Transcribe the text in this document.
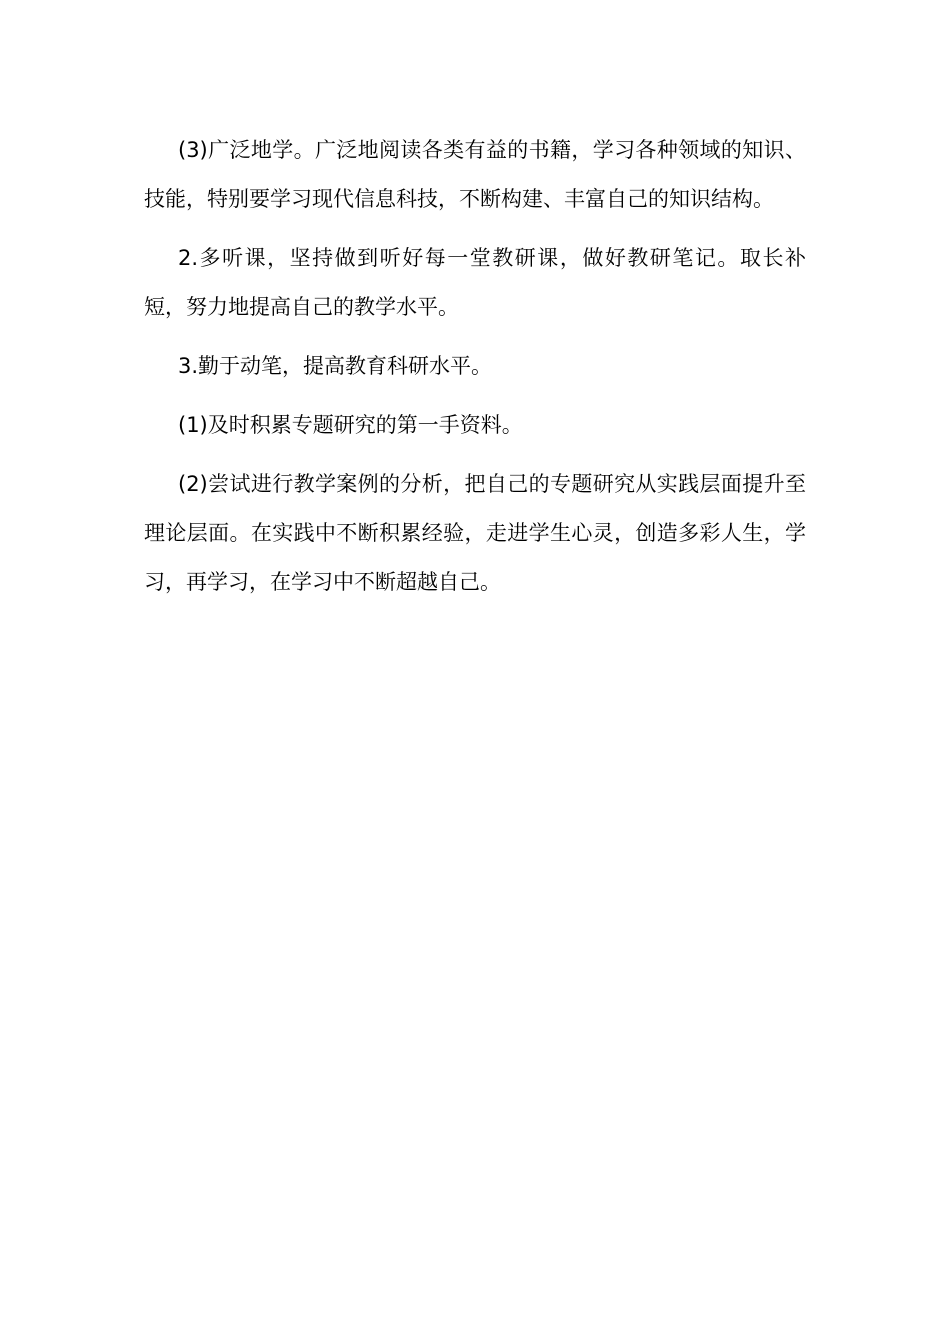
(3)广泛地学。广泛地阅读各类有益的书籍，学习各种领域的知识、技能，特别要学习现代信息科技，不断构建、丰富自己的知识结构。

2.多听课，坚持做到听好每一堂教研课，做好教研笔记。取长补短，努力地提高自己的教学水平。

3.勤于动笔，提高教育科研水平。

(1)及时积累专题研究的第一手资料。

(2)尝试进行教学案例的分析，把自己的专题研究从实践层面提升至理论层面。在实践中不断积累经验，走进学生心灵，创造多彩人生，学习，再学习，在学习中不断超越自己。
